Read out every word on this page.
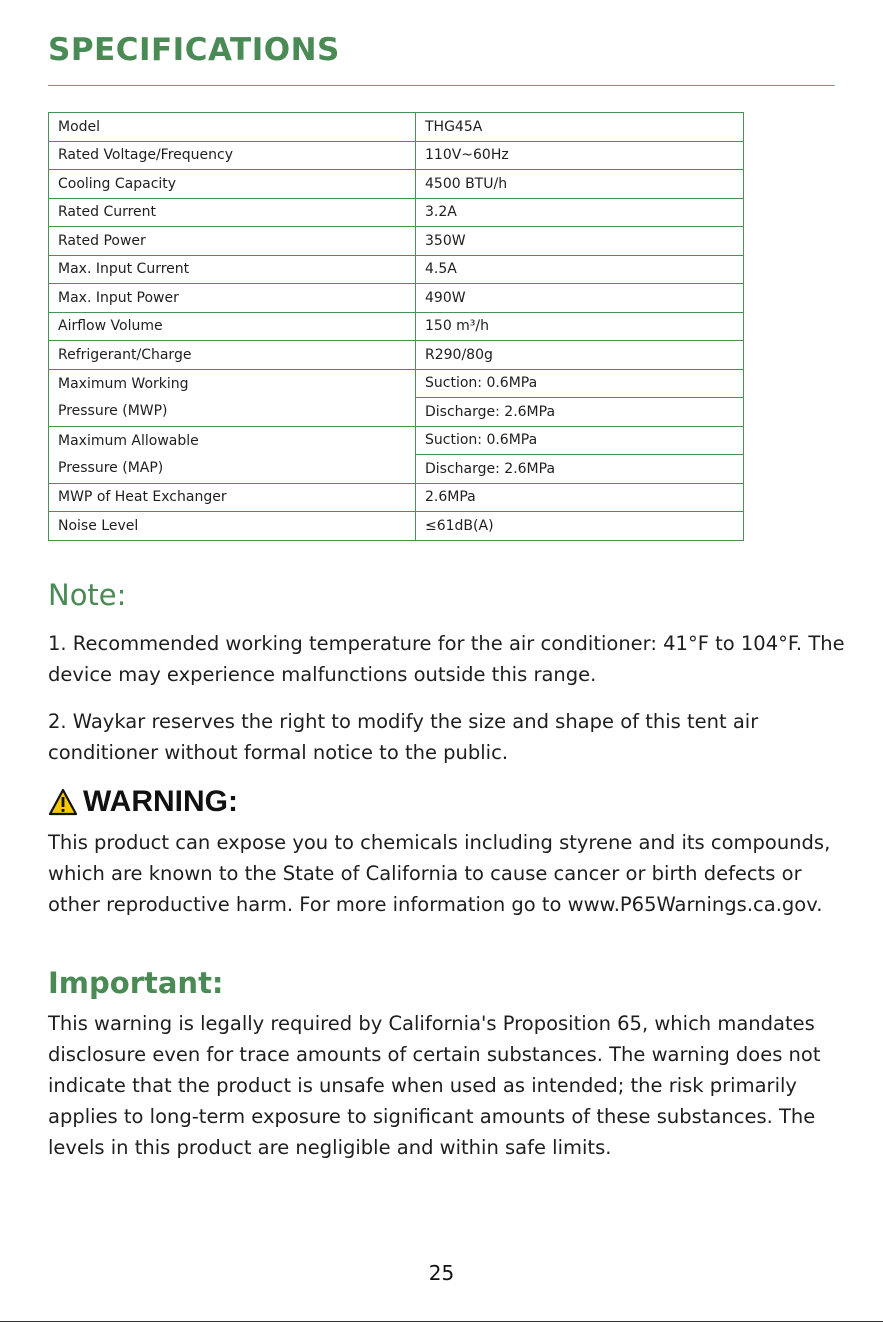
SPECIFICATIONS
Model	THG45A
Rated Voltage/Frequency	110V~60Hz
Cooling Capacity	4500 BTU/h
Rated Current	3.2A
Rated Power	350W
Max. Input Current	4.5A
Max. Input Power	490W
Airflow Volume	150 m³/h
Refrigerant/Charge	R290/80g
Maximum Working
Pressure (MWP)	Suction: 0.6MPa
	Discharge: 2.6MPa
Maximum Allowable
Pressure (MAP)	Suction: 0.6MPa
	Discharge: 2.6MPa
MWP of Heat Exchanger	2.6MPa
Noise Level	≤61dB(A)
Note:
1. Recommended working temperature for the air conditioner: 41°F to 104°F. The device may experience malfunctions outside this range.
2. Waykar reserves the right to modify the size and shape of this tent air conditioner without formal notice to the public.
WARNING:
This product can expose you to chemicals including styrene and its compounds, which are known to the State of California to cause cancer or birth defects or other reproductive harm. For more information go to www.P65Warnings.ca.gov.
Important:
This warning is legally required by California's Proposition 65, which mandates disclosure even for trace amounts of certain substances. The warning does not indicate that the product is unsafe when used as intended; the risk primarily applies to long-term exposure to significant amounts of these substances. The levels in this product are negligible and within safe limits.
25
